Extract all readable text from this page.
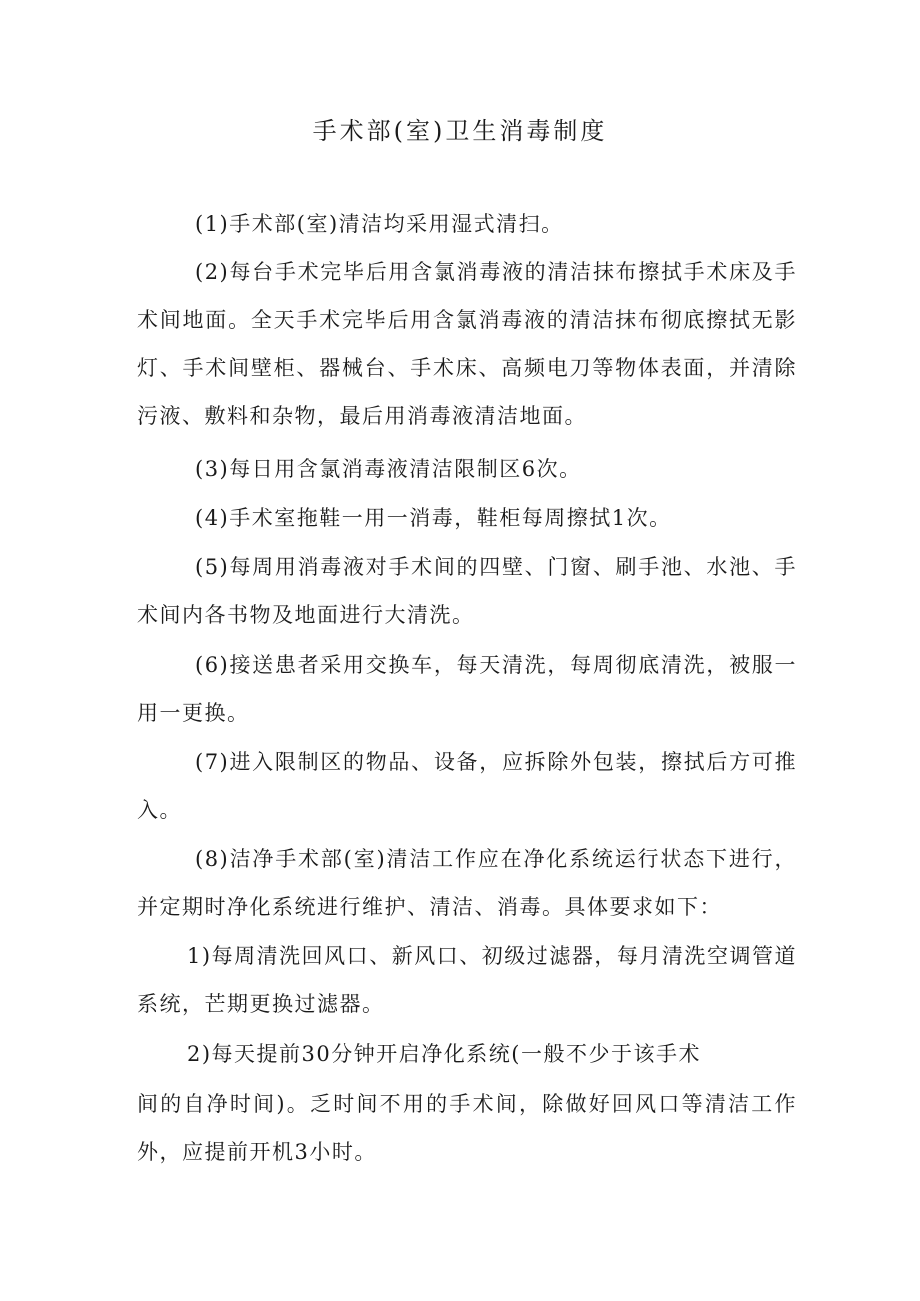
手术部(室)卫生消毒制度
(1)手术部(室)清洁均采用湿式清扫。
(2)每台手术完毕后用含氯消毒液的清洁抹布擦拭手术床及手术间地面。全天手术完毕后用含氯消毒液的清洁抹布彻底擦拭无影灯、手术间壁柜、器械台、手术床、高频电刀等物体表面，并清除污液、敷料和杂物，最后用消毒液清洁地面。
(3)每日用含氯消毒液清洁限制区6次。
(4)手术室拖鞋一用一消毒，鞋柜每周擦拭1次。
(5)每周用消毒液对手术间的四壁、门窗、刷手池、水池、手术间内各书物及地面进行大清洗。
(6)接送患者采用交换车，每天清洗，每周彻底清洗，被服一用一更换。
(7)进入限制区的物品、设备，应拆除外包装，擦拭后方可推入。
(8)洁净手术部(室)清洁工作应在净化系统运行状态下进行，并定期时净化系统进行维护、清洁、消毒。具体要求如下：
1)每周清洗回风口、新风口、初级过滤器，每月清洗空调管道系统，芒期更换过滤器。
2)每天提前30分钟开启净化系统(一般不少于该手术
间的自净时间)。乏时间不用的手术间，除做好回风口等清洁工作外，应提前开机3小时。
